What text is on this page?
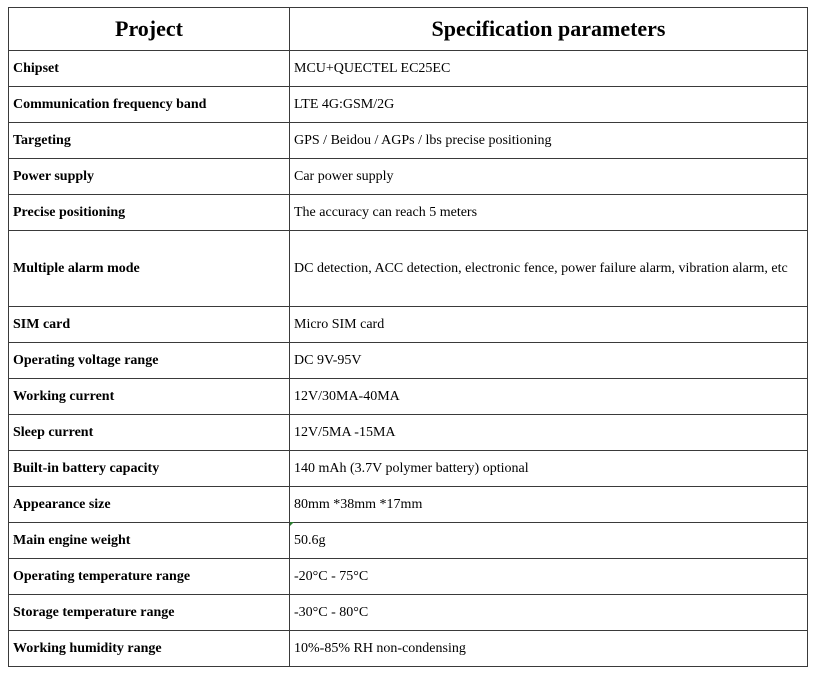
Project	Specification parameters
Chipset	MCU+QUECTEL EC25EC
Communication frequency band	LTE 4G:GSM/2G
Targeting	GPS / Beidou / AGPs / lbs precise positioning
Power supply	Car power supply
Precise positioning	The accuracy can reach 5 meters
Multiple alarm mode	DC detection, ACC detection, electronic fence, power failure alarm, vibration alarm, etc
SIM card	Micro SIM card
Operating voltage range	DC 9V-95V
Working current	12V/30MA-40MA
Sleep current	12V/5MA -15MA
Built-in battery capacity	140 mAh (3.7V polymer battery) optional
Appearance size	80mm *38mm *17mm
Main engine weight	50.6g
Operating temperature range	-20°C - 75°C
Storage temperature range	-30°C - 80°C
Working humidity range	10%-85% RH non-condensing
